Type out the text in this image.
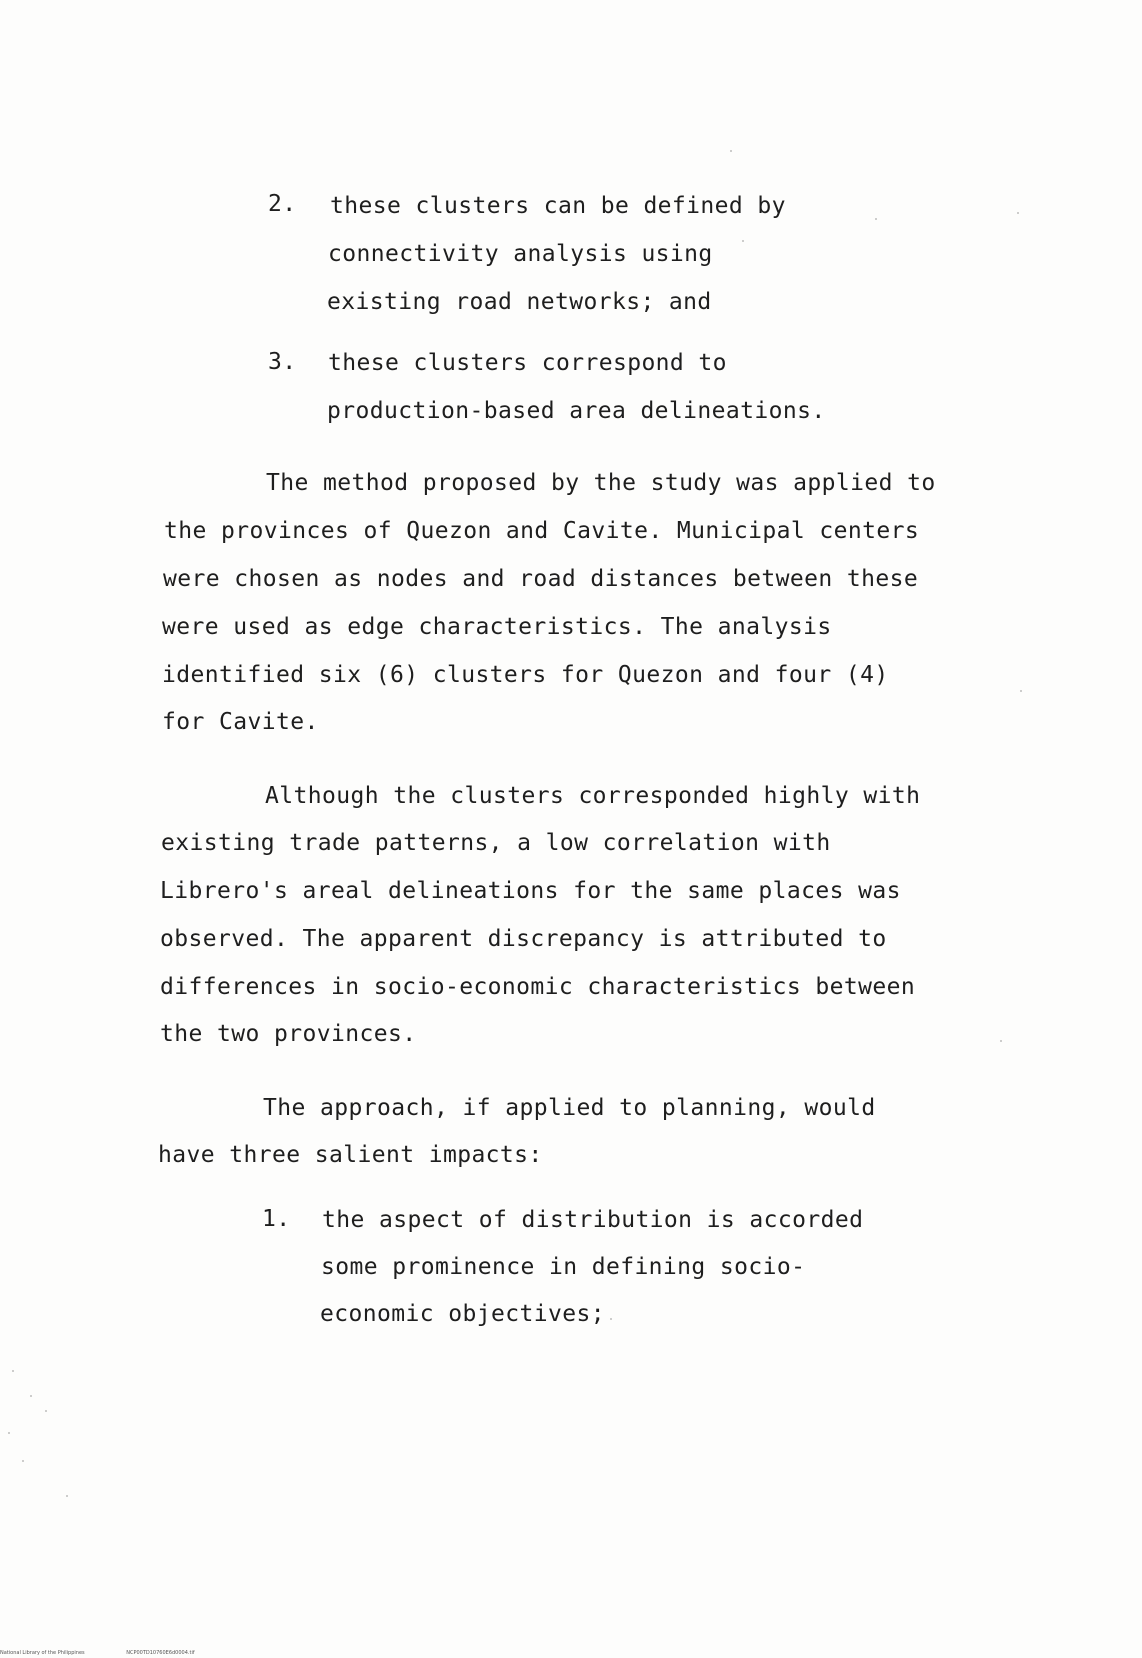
2. these clusters can be defined by
connectivity analysis using
existing road networks; and
3. these clusters correspond to
production-based area delineations.
The method proposed by the study was applied to
the provinces of Quezon and Cavite. Municipal centers
were chosen as nodes and road distances between these
were used as edge characteristics. The analysis
identified six (6) clusters for Quezon and four (4)
for Cavite.
Although the clusters corresponded highly with
existing trade patterns, a low correlation with
Librero's areal delineations for the same places was
observed. The apparent discrepancy is attributed to
differences in socio-economic characteristics between
the two provinces.
The approach, if applied to planning, would
have three salient impacts:
1. the aspect of distribution is accorded
some prominence in defining socio-
economic objectives;
National Library of the Philippines	NCP00TD10760E6d0004.tif
